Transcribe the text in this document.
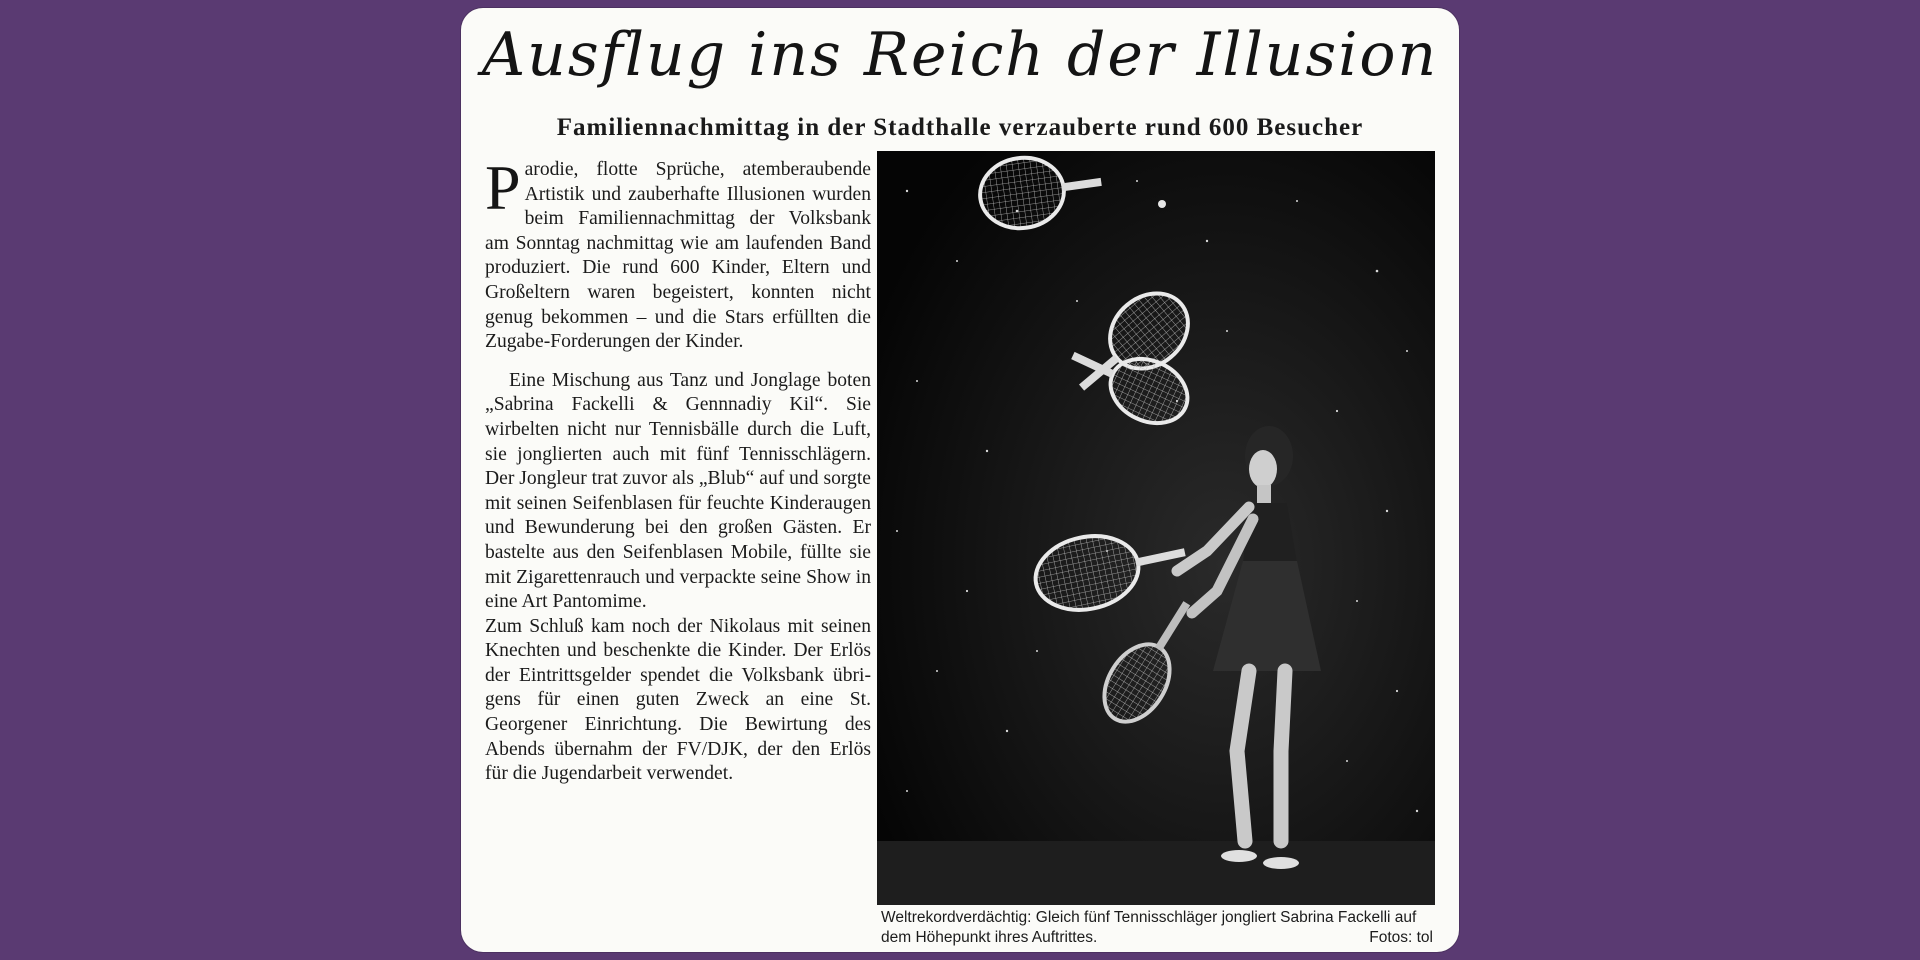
Ausflug ins Reich der Illusion
Familiennachmittag in der Stadthalle verzauberte rund 600 Besucher

Parodie, flotte Sprüche, atemberaubende Artistik und zauberhafte Illusionen wurden beim Familiennachmittag der Volksbank am Sonntag nachmittag wie am laufenden Band produziert. Die rund 600 Kinder, Eltern und Großeltern waren begeistert, konnten nicht genug bekommen – und die Stars erfüllten die Zugabe-Forderungen der Kinder.

Eine Mischung aus Tanz und Jonglage boten „Sabrina Fackelli & Gennnadiy Kil“. Sie wirbelten nicht nur Tennisbälle durch die Luft, sie jonglierten auch mit fünf Tennisschlägern. Der Jongleur trat zuvor als „Blub“ auf und sorgte mit seinen Seifenblasen für feuchte Kinderaugen und Bewunderung bei den großen Gästen. Er bastelte aus den Seifenblasen Mobile, füllte sie mit Zigarettenrauch und verpackte seine Show in eine Art Pantomime.

Zum Schluß kam noch der Nikolaus mit seinen Knechten und beschenkte die Kinder. Der Erlös der Eintrittsgelder spendet die Volksbank übrigens für einen guten Zweck an eine St. Georgener Einrichtung. Die Bewirtung des Abends übernahm der FV/DJK, der den Erlös für die Jugendarbeit verwendet.

Weltrekordverdächtig: Gleich fünf Tennisschläger jongliert Sabrina Fackelli auf dem Höhepunkt ihres Auftrittes.	Fotos: tol
